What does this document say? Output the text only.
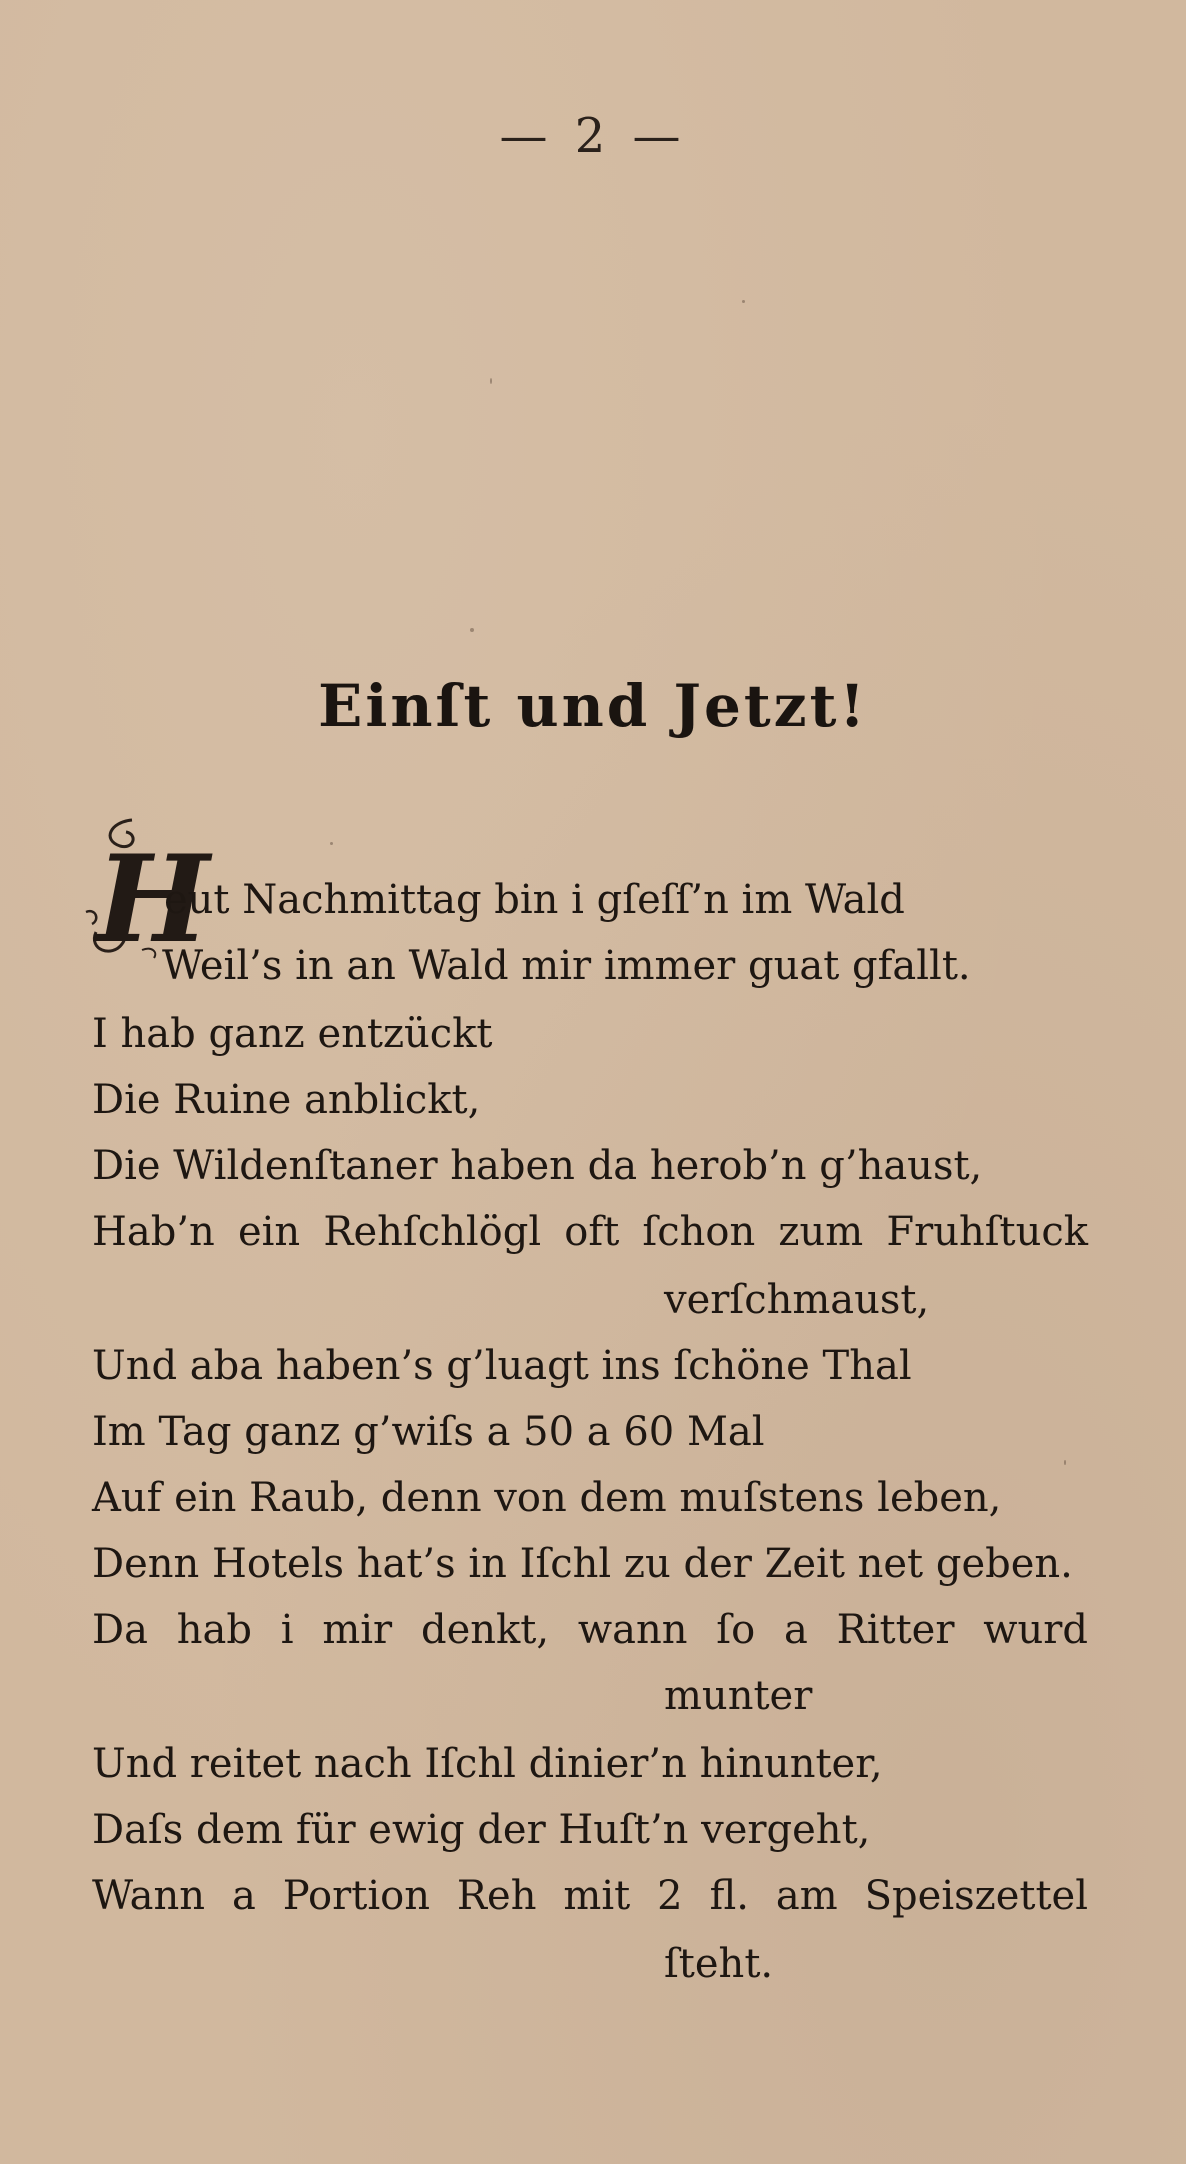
— 2 —
Einſt und Jetzt!
H
eut Nachmittag bin i gſeſſ’n im Wald
Weil’s in an Wald mir immer guat gfallt.
I hab ganz entzückt
Die Ruine anblickt,
Die Wildenſtaner haben da herob’n g’haust,
Hab’n ein Rehſchlögl oft ſchon zum Fruhſtuck
verſchmaust,
Und aba haben’s g’luagt ins ſchöne Thal
Im Tag ganz g’wiſs a 50 a 60 Mal
Auf ein Raub, denn von dem muſstens leben,
Denn Hotels hat’s in Iſchl zu der Zeit net geben.
Da hab i mir denkt, wann ſo a Ritter wurd
munter
Und reitet nach Iſchl dinier’n hinunter,
Daſs dem für ewig der Huſt’n vergeht,
Wann a Portion Reh mit 2 fl. am Speiszettel
ſteht.
